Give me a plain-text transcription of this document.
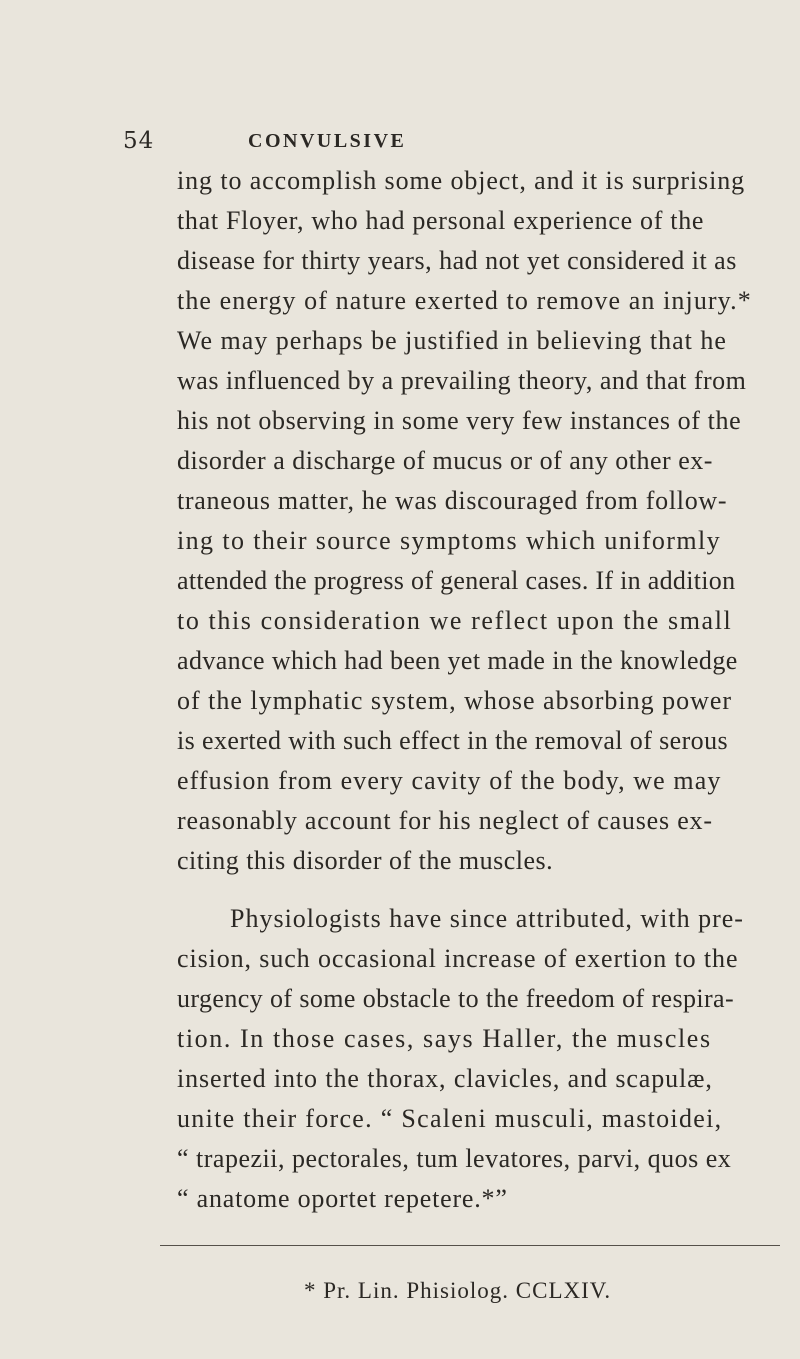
54	CONVULSIVE
ing to accomplish some object, and it is surprising
that Floyer, who had personal experience of the
disease for thirty years, had not yet considered it as
the energy of nature exerted to remove an injury.*
We may perhaps be justified in believing that he
was influenced by a prevailing theory, and that from
his not observing in some very few instances of the
disorder a discharge of mucus or of any other ex-
traneous matter, he was discouraged from follow-
ing to their source symptoms which uniformly
attended the progress of general cases. If in addition
to this consideration we reflect upon the small
advance which had been yet made in the knowledge
of the lymphatic system, whose absorbing power
is exerted with such effect in the removal of serous
effusion from every cavity of the body, we may
reasonably account for his neglect of causes ex-
citing this disorder of the muscles.
Physiologists have since attributed, with pre-
cision, such occasional increase of exertion to the
urgency of some obstacle to the freedom of respira-
tion. In those cases, says Haller, the muscles
inserted into the thorax, clavicles, and scapulæ,
unite their force. “ Scaleni musculi, mastoidei,
“ trapezii, pectorales, tum levatores, parvi, quos ex
“ anatome oportet repetere.*”
* Pr. Lin. Phisiolog. CCLXIV.
